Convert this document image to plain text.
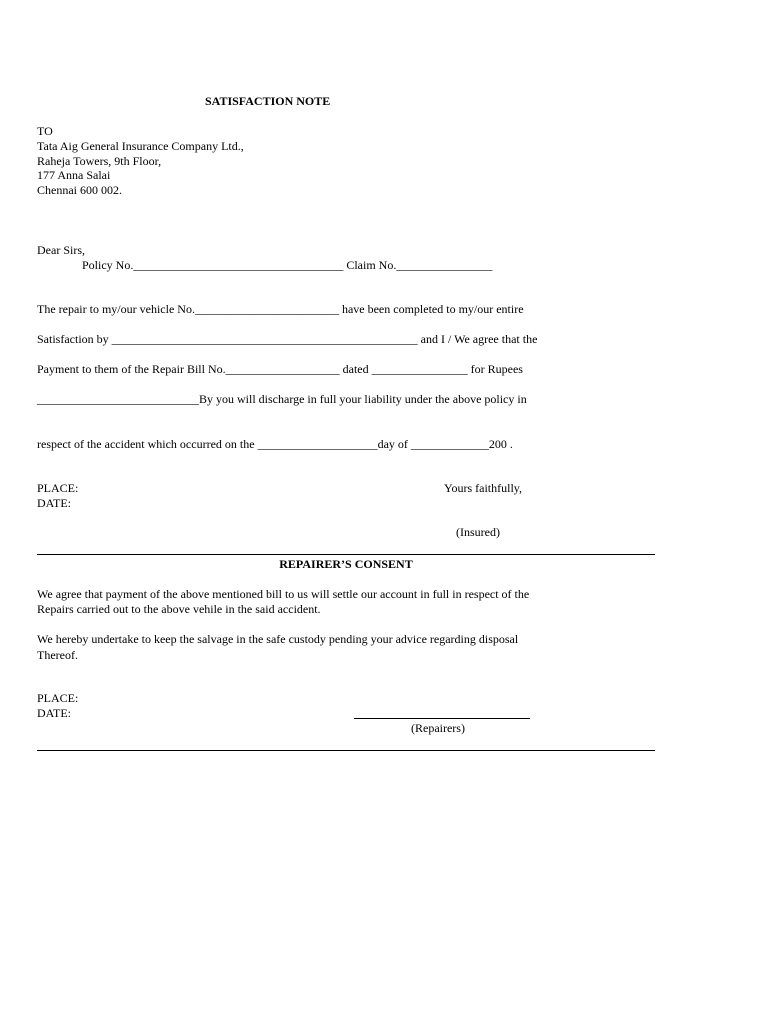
SATISFACTION NOTE
TO
Tata Aig General Insurance Company Ltd.,
Raheja Towers, 9th Floor,
177 Anna Salai
Chennai 600 002.
Dear Sirs,
Policy No.___________________________________ Claim No.________________
The repair to my/our vehicle No.________________________ have been completed to my/our entire
Satisfaction by ___________________________________________________ and I / We agree that the
Payment to them of the Repair Bill No.___________________ dated ________________ for Rupees
___________________________By you will discharge in full your liability under the above policy in
respect of the accident which occurred on the ____________________day of _____________200 .
PLACE:
DATE:
Yours faithfully,
(Insured)
REPAIRER’S CONSENT
We agree that payment of the above mentioned bill to us will settle our account in full in respect of the
Repairs carried out to the above vehile in the said accident.
We hereby undertake to keep the salvage in the safe custody pending your advice regarding disposal
Thereof.
PLACE:
DATE:
(Repairers)
